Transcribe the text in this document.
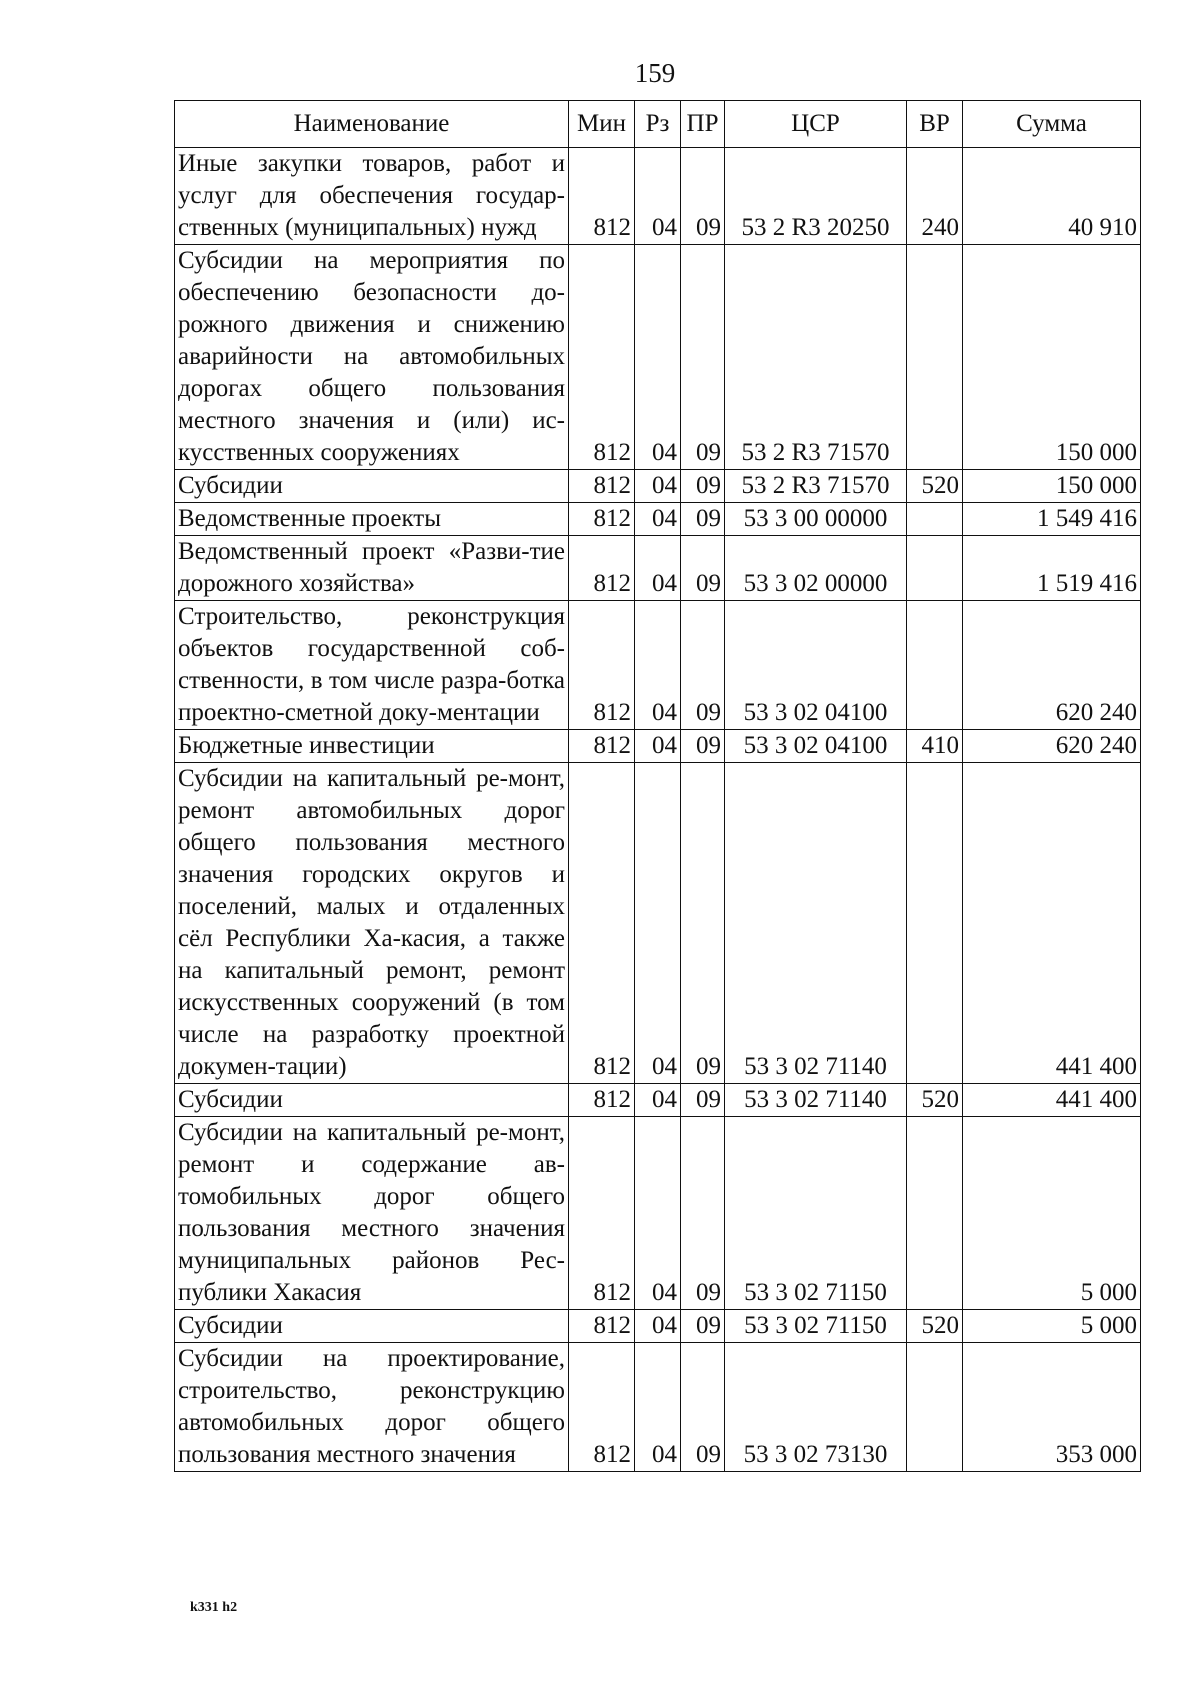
159
Наименование	Мин	Рз	ПР	ЦСР	ВР	Сумма
Иные закупки товаров, работ и услуг для обеспечения государ-ственных (муниципальных) нужд	812	04	09	53 2 R3 20250	240	40 910
Субсидии на мероприятия по обеспечению безопасности до-рожного движения и снижению аварийности на автомобильных дорогах общего пользования местного значения и (или) ис-кусственных сооружениях	812	04	09	53 2 R3 71570		150 000
Субсидии	812	04	09	53 2 R3 71570	520	150 000
Ведомственные проекты	812	04	09	53 3 00 00000		1 549 416
Ведомственный проект «Разви-тие дорожного хозяйства»	812	04	09	53 3 02 00000		1 519 416
Строительство, реконструкция объектов государственной соб-ственности, в том числе разра-ботка проектно-сметной доку-ментации	812	04	09	53 3 02 04100		620 240
Бюджетные инвестиции	812	04	09	53 3 02 04100	410	620 240
Субсидии на капитальный ре-монт, ремонт автомобильных дорог общего пользования местного значения городских округов и поселений, малых и отдаленных сёл Республики Ха-касия, а также на капитальный ремонт, ремонт искусственных сооружений (в том числе на разработку проектной докумен-тации)	812	04	09	53 3 02 71140		441 400
Субсидии	812	04	09	53 3 02 71140	520	441 400
Субсидии на капитальный ре-монт, ремонт и содержание ав-томобильных дорог общего пользования местного значения муниципальных районов Рес-публики Хакасия	812	04	09	53 3 02 71150		5 000
Субсидии	812	04	09	53 3 02 71150	520	5 000
Субсидии на проектирование, строительство, реконструкцию автомобильных дорог общего пользования местного значения	812	04	09	53 3 02 73130		353 000
k331 h2
